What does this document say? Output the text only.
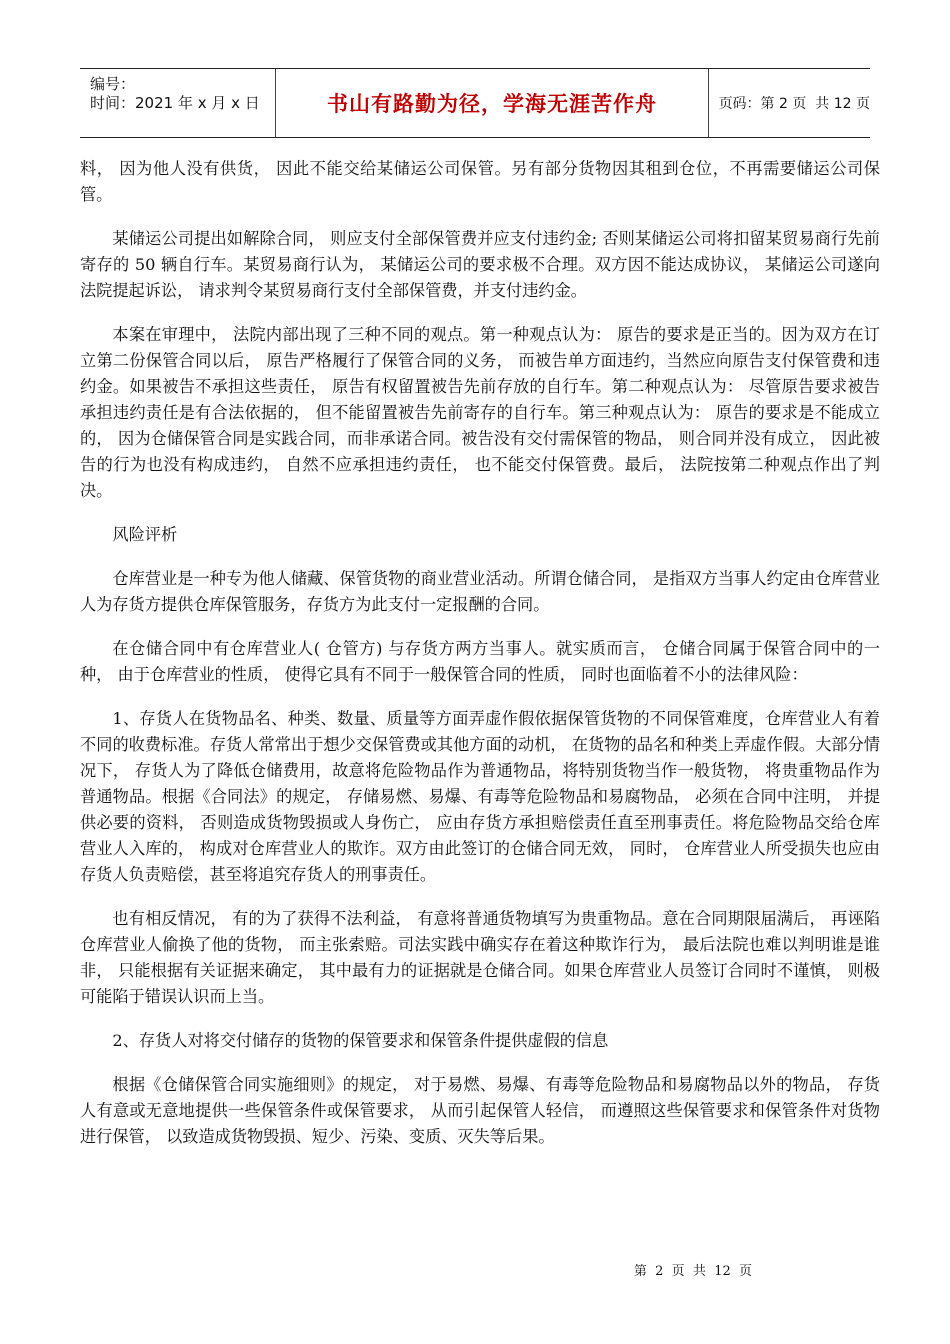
编号：
时间：2021 年 x 月 x 日	书山有路勤为径，学海无涯苦作舟	页码：第 2 页  共 12 页

料， 因为他人没有供货， 因此不能交给某储运公司保管。另有部分货物因其租到仓位，不再需要储运公司保管。

某储运公司提出如解除合同， 则应支付全部保管费并应支付违约金; 否则某储运公司将扣留某贸易商行先前寄存的 50 辆自行车。某贸易商行认为， 某储运公司的要求极不合理。双方因不能达成协议， 某储运公司遂向法院提起诉讼， 请求判令某贸易商行支付全部保管费，并支付违约金。

本案在审理中， 法院内部出现了三种不同的观点。第一种观点认为： 原告的要求是正当的。因为双方在订立第二份保管合同以后， 原告严格履行了保管合同的义务， 而被告单方面违约，当然应向原告支付保管费和违约金。如果被告不承担这些责任， 原告有权留置被告先前存放的自行车。第二种观点认为： 尽管原告要求被告承担违约责任是有合法依据的， 但不能留置被告先前寄存的自行车。第三种观点认为： 原告的要求是不能成立的， 因为仓储保管合同是实践合同，而非承诺合同。被告没有交付需保管的物品， 则合同并没有成立， 因此被告的行为也没有构成违约， 自然不应承担违约责任， 也不能交付保管费。最后， 法院按第二种观点作出了判决。

风险评析

仓库营业是一种专为他人储藏、保管货物的商业营业活动。所谓仓储合同， 是指双方当事人约定由仓库营业人为存货方提供仓库保管服务，存货方为此支付一定报酬的合同。

在仓储合同中有仓库营业人( 仓管方) 与存货方两方当事人。就实质而言， 仓储合同属于保管合同中的一种， 由于仓库营业的性质， 使得它具有不同于一般保管合同的性质， 同时也面临着不小的法律风险：

1、存货人在货物品名、种类、数量、质量等方面弄虚作假依据保管货物的不同保管难度，仓库营业人有着不同的收费标准。存货人常常出于想少交保管费或其他方面的动机， 在货物的品名和种类上弄虚作假。大部分情况下， 存货人为了降低仓储费用，故意将危险物品作为普通物品，将特别货物当作一般货物， 将贵重物品作为普通物品。根据《合同法》的规定， 存储易燃、易爆、有毒等危险物品和易腐物品， 必须在合同中注明， 并提供必要的资料， 否则造成货物毁损或人身伤亡， 应由存货方承担赔偿责任直至刑事责任。将危险物品交给仓库营业人入库的， 构成对仓库营业人的欺诈。双方由此签订的仓储合同无效， 同时， 仓库营业人所受损失也应由存货人负责赔偿，甚至将追究存货人的刑事责任。

也有相反情况， 有的为了获得不法利益， 有意将普通货物填写为贵重物品。意在合同期限届满后， 再诬陷仓库营业人偷换了他的货物， 而主张索赔。司法实践中确实存在着这种欺诈行为， 最后法院也难以判明谁是谁非， 只能根据有关证据来确定， 其中最有力的证据就是仓储合同。如果仓库营业人员签订合同时不谨慎， 则极可能陷于错误认识而上当。

2、存货人对将交付储存的货物的保管要求和保管条件提供虚假的信息

根据《仓储保管合同实施细则》的规定， 对于易燃、易爆、有毒等危险物品和易腐物品以外的物品， 存货人有意或无意地提供一些保管条件或保管要求， 从而引起保管人轻信， 而遵照这些保管要求和保管条件对货物进行保管， 以致造成货物毁损、短少、污染、变质、灭失等后果。

第  2  页  共  12  页
